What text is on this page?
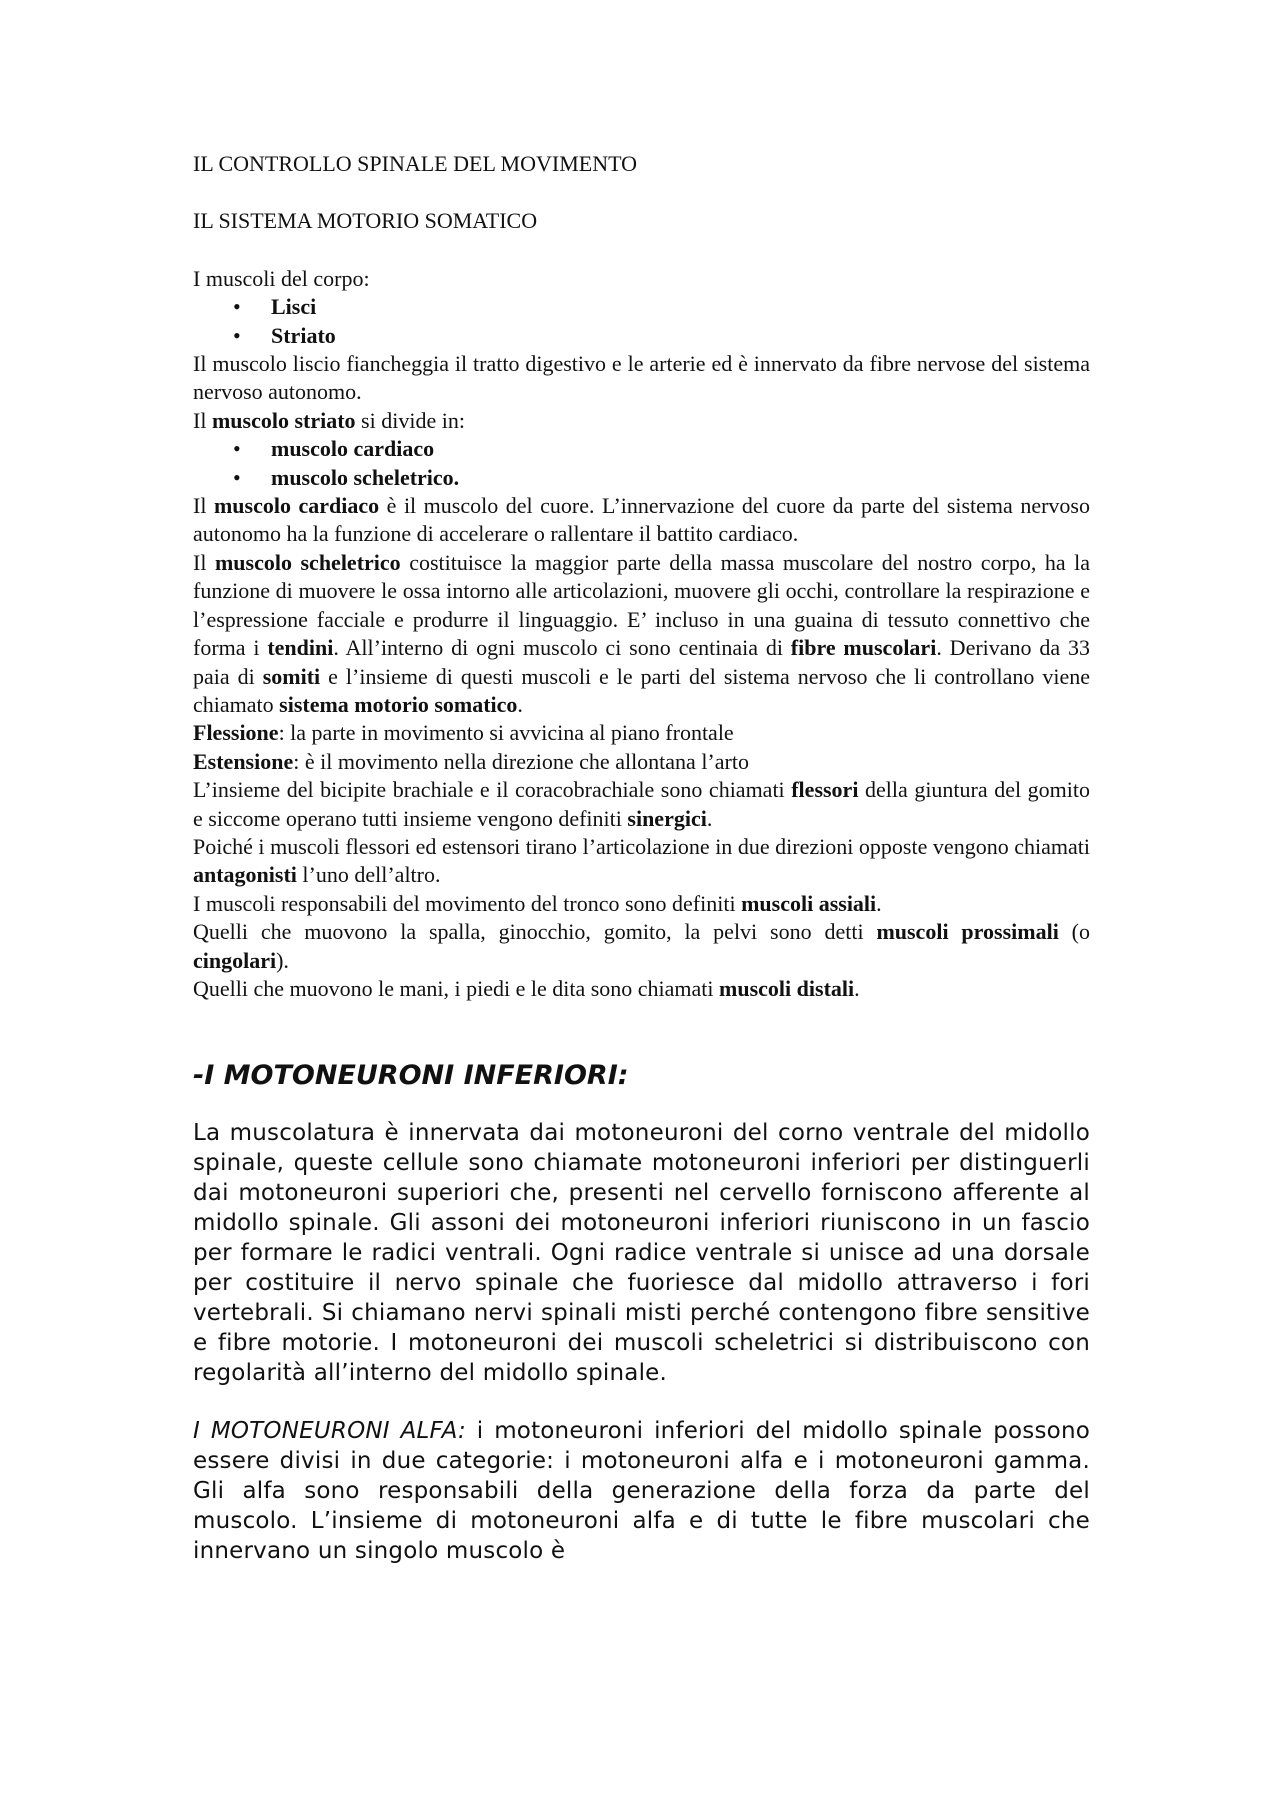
IL CONTROLLO SPINALE DEL MOVIMENTO

IL SISTEMA MOTORIO SOMATICO

I muscoli del corpo:

• Lisci
• Striato

Il muscolo liscio fiancheggia il tratto digestivo e le arterie ed è innervato da fibre nervose del sistema nervoso autonomo.

Il muscolo striato si divide in:

• muscolo cardiaco
• muscolo scheletrico.

Il muscolo cardiaco è il muscolo del cuore. L’innervazione del cuore da parte del sistema nervoso autonomo ha la funzione di accelerare o rallentare il battito cardiaco.

Il muscolo scheletrico costituisce la maggior parte della massa muscolare del nostro corpo, ha la funzione di muovere le ossa intorno alle articolazioni, muovere gli occhi, controllare la respirazione e l’espressione facciale e produrre il linguaggio. E’ incluso in una guaina di tessuto connettivo che forma i tendini. All’interno di ogni muscolo ci sono centinaia di fibre muscolari. Derivano da 33 paia di somiti e l’insieme di questi muscoli e le parti del sistema nervoso che li controllano viene chiamato sistema motorio somatico.

Flessione: la parte in movimento si avvicina al piano frontale

Estensione: è il movimento nella direzione che allontana l’arto

L’insieme del bicipite brachiale e il coracobrachiale sono chiamati flessori della giuntura del gomito e siccome operano tutti insieme vengono definiti sinergici.

Poiché i muscoli flessori ed estensori tirano l’articolazione in due direzioni opposte vengono chiamati antagonisti l’uno dell’altro.

I muscoli responsabili del movimento del tronco sono definiti muscoli assiali.

Quelli che muovono la spalla, ginocchio, gomito, la pelvi sono detti muscoli prossimali (o cingolari).

Quelli che muovono le mani, i piedi e le dita sono chiamati muscoli distali.

-I MOTONEURONI INFERIORI:

La muscolatura è innervata dai motoneuroni del corno ventrale del midollo spinale, queste cellule sono chiamate motoneuroni inferiori per distinguerli dai motoneuroni superiori che, presenti nel cervello forniscono afferente al midollo spinale. Gli assoni dei motoneuroni inferiori riuniscono in un fascio per formare le radici ventrali. Ogni radice ventrale si unisce ad una dorsale per costituire il nervo spinale che fuoriesce dal midollo attraverso i fori vertebrali. Si chiamano nervi spinali misti perché contengono fibre sensitive e fibre motorie. I motoneuroni dei muscoli scheletrici si distribuiscono con regolarità all’interno del midollo spinale.

I MOTONEURONI ALFA: i motoneuroni inferiori del midollo spinale possono essere divisi in due categorie: i motoneuroni alfa e i motoneuroni gamma. Gli alfa sono responsabili della generazione della forza da parte del muscolo. L’insieme di motoneuroni alfa e di tutte le fibre muscolari che innervano un singolo muscolo è
